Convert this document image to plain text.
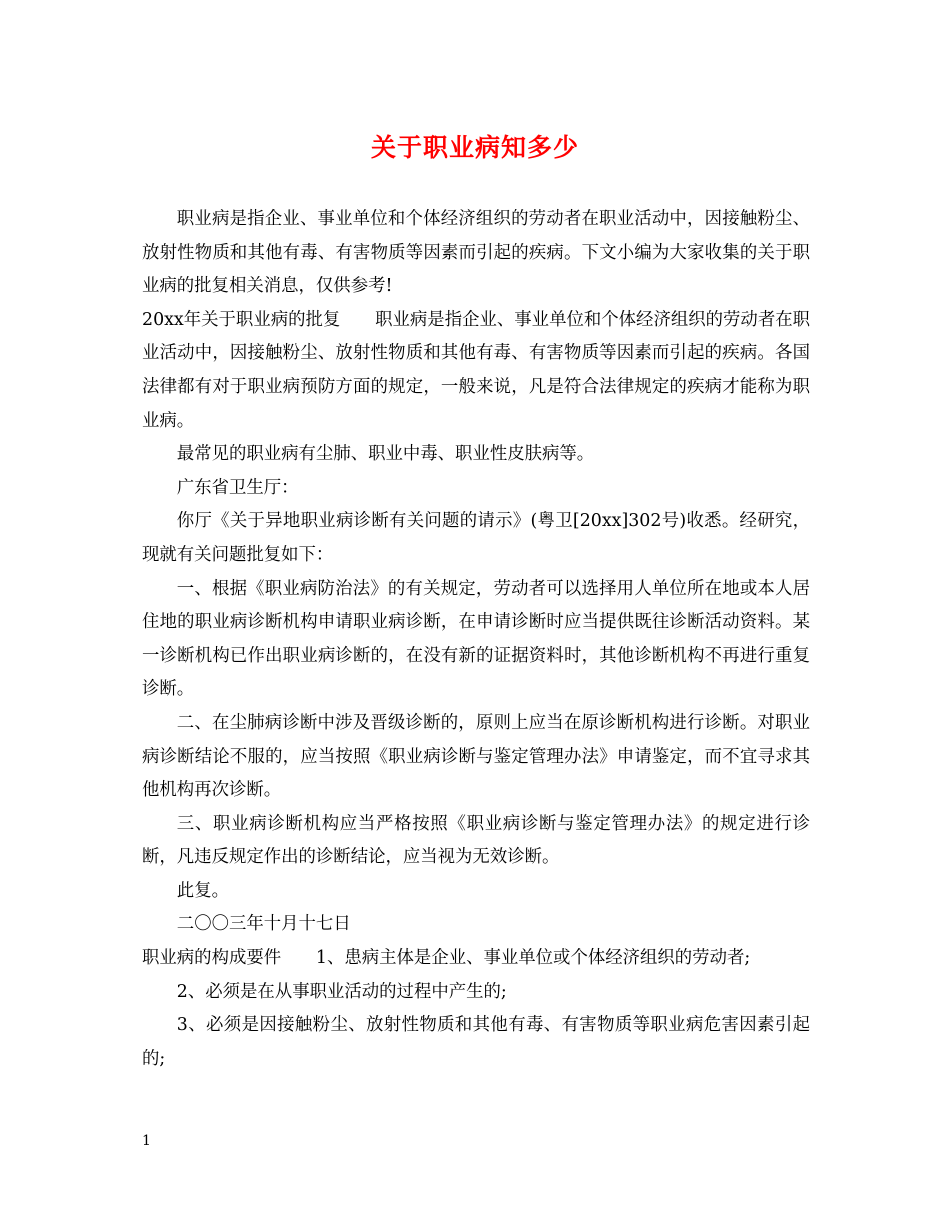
关于职业病知多少

职业病是指企业、事业单位和个体经济组织的劳动者在职业活动中，因接触粉尘、放射性物质和其他有毒、有害物质等因素而引起的疾病。下文小编为大家收集的关于职业病的批复相关消息，仅供参考!

20xx年关于职业病的批复　　职业病是指企业、事业单位和个体经济组织的劳动者在职业活动中，因接触粉尘、放射性物质和其他有毒、有害物质等因素而引起的疾病。各国法律都有对于职业病预防方面的规定，一般来说，凡是符合法律规定的疾病才能称为职业病。

最常见的职业病有尘肺、职业中毒、职业性皮肤病等。

广东省卫生厅：

你厅《关于异地职业病诊断有关问题的请示》(粤卫[20xx]302号)收悉。经研究，现就有关问题批复如下：

一、根据《职业病防治法》的有关规定，劳动者可以选择用人单位所在地或本人居住地的职业病诊断机构申请职业病诊断，在申请诊断时应当提供既往诊断活动资料。某一诊断机构已作出职业病诊断的，在没有新的证据资料时，其他诊断机构不再进行重复诊断。

二、在尘肺病诊断中涉及晋级诊断的，原则上应当在原诊断机构进行诊断。对职业病诊断结论不服的，应当按照《职业病诊断与鉴定管理办法》申请鉴定，而不宜寻求其他机构再次诊断。

三、职业病诊断机构应当严格按照《职业病诊断与鉴定管理办法》的规定进行诊断，凡违反规定作出的诊断结论，应当视为无效诊断。

此复。

二〇〇三年十月十七日

职业病的构成要件　　1、患病主体是企业、事业单位或个体经济组织的劳动者;

2、必须是在从事职业活动的过程中产生的;

3、必须是因接触粉尘、放射性物质和其他有毒、有害物质等职业病危害因素引起的;

1
